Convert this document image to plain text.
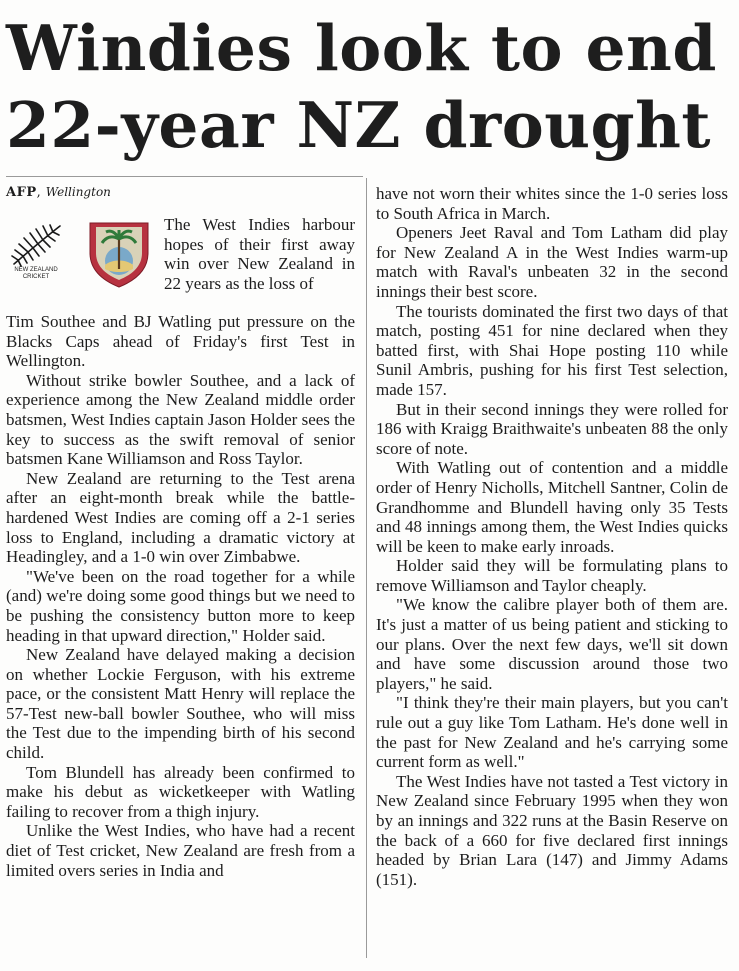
Windies look to end
22-year NZ drought
AFP, Wellington
NEW ZEALAND
CRICKET

The West Indies harbour hopes of their first away win over New Zealand in 22 years as the loss of

Tim Southee and BJ Watling put pressure on the Blacks Caps ahead of Friday's first Test in Wellington.

Without strike bowler Southee, and a lack of experience among the New Zealand middle order batsmen, West Indies captain Jason Holder sees the key to success as the swift removal of senior batsmen Kane Williamson and Ross Taylor.

New Zealand are returning to the Test arena after an eight-month break while the battle-hardened West Indies are coming off a 2-1 series loss to England, including a dramatic victory at Headingley, and a 1-0 win over Zimbabwe.

"We've been on the road together for a while (and) we're doing some good things but we need to be pushing the consistency button more to keep heading in that upward direction," Holder said.

New Zealand have delayed making a decision on whether Lockie Ferguson, with his extreme pace, or the consistent Matt Henry will replace the 57-Test new-ball bowler Southee, who will miss the Test due to the impending birth of his second child.

Tom Blundell has already been confirmed to make his debut as wicketkeeper with Watling failing to recover from a thigh injury.

Unlike the West Indies, who have had a recent diet of Test cricket, New Zealand are fresh from a limited overs series in India and

have not worn their whites since the 1-0 series loss to South Africa in March.

Openers Jeet Raval and Tom Latham did play for New Zealand A in the West Indies warm-up match with Raval's unbeaten 32 in the second innings their best score.

The tourists dominated the first two days of that match, posting 451 for nine declared when they batted first, with Shai Hope posting 110 while Sunil Ambris, pushing for his first Test selection, made 157.

But in their second innings they were rolled for 186 with Kraigg Braithwaite's unbeaten 88 the only score of note.

With Watling out of contention and a middle order of Henry Nicholls, Mitchell Santner, Colin de Grandhomme and Blundell having only 35 Tests and 48 innings among them, the West Indies quicks will be keen to make early inroads.

Holder said they will be formulating plans to remove Williamson and Taylor cheaply.

"We know the calibre player both of them are. It's just a matter of us being patient and sticking to our plans. Over the next few days, we'll sit down and have some discussion around those two players," he said.

"I think they're their main players, but you can't rule out a guy like Tom Latham. He's done well in the past for New Zealand and he's carrying some current form as well."

The West Indies have not tasted a Test victory in New Zealand since February 1995 when they won by an innings and 322 runs at the Basin Reserve on the back of a 660 for five declared first innings headed by Brian Lara (147) and Jimmy Adams (151).
